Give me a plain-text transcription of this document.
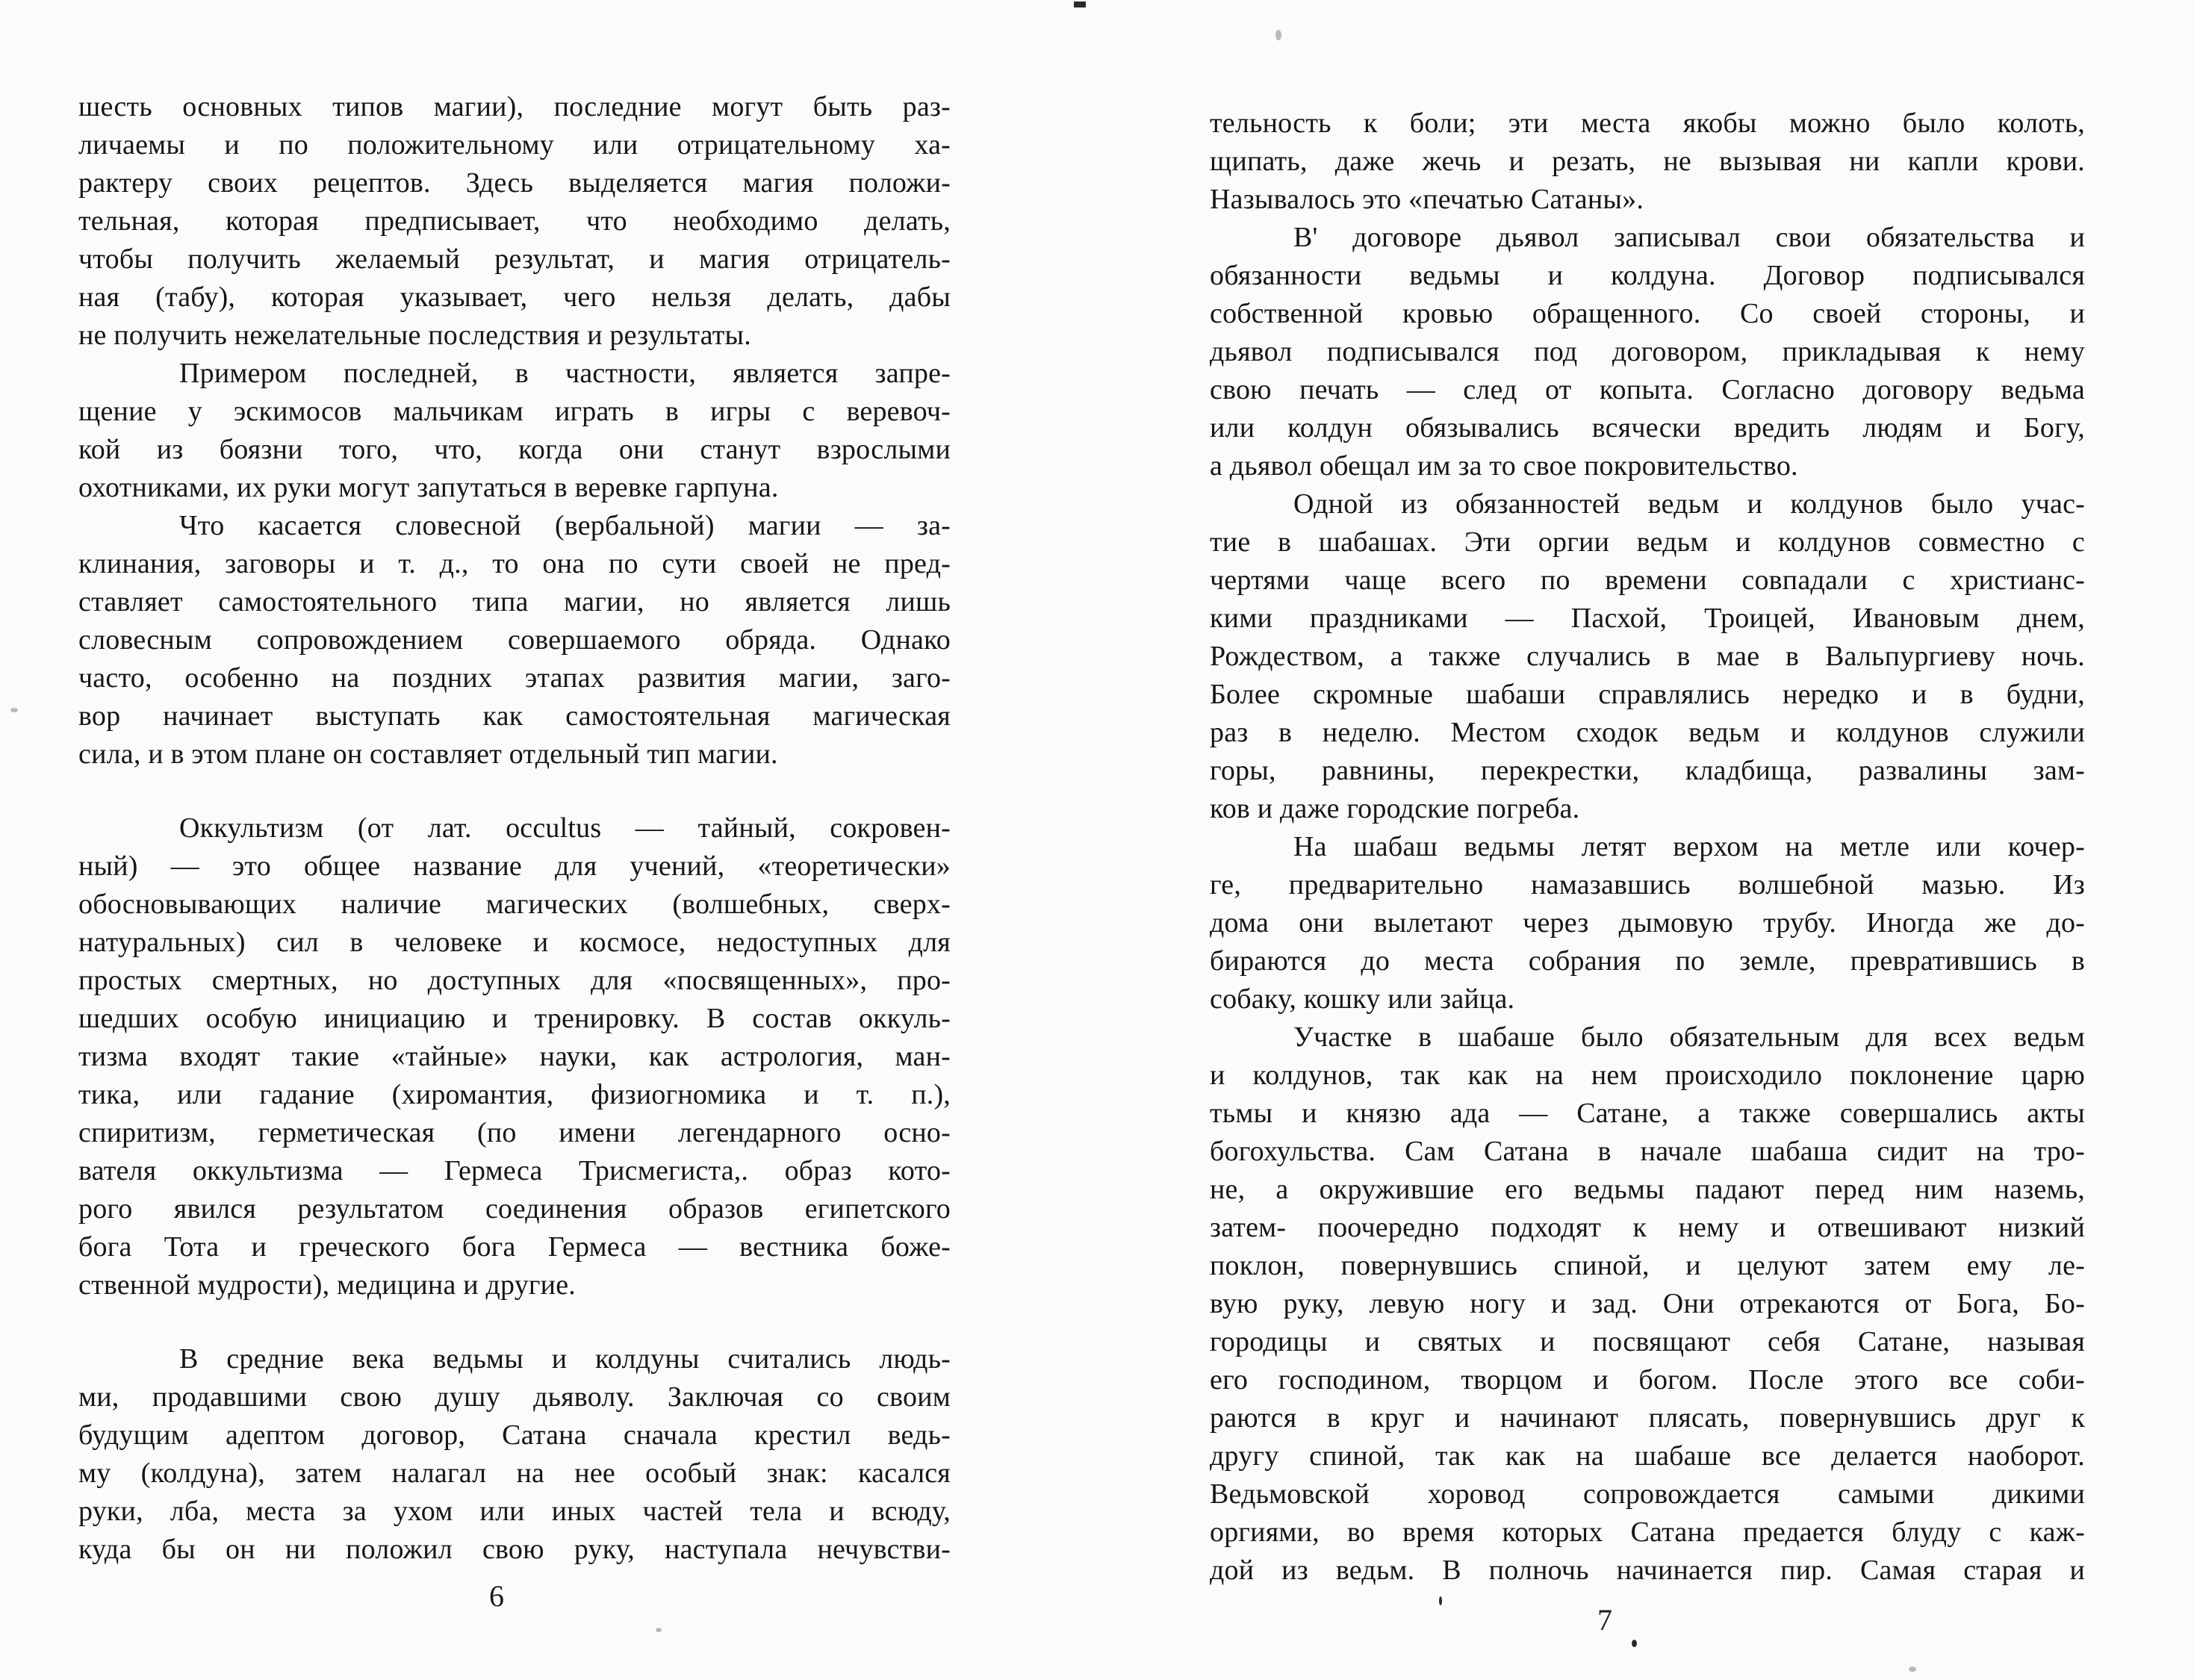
шесть основных типов магии), последние могут быть раз-
личаемы и по положительному или отрицательному ха-
рактеру своих рецептов. Здесь выделяется магия положи-
тельная, которая предписывает, что необходимо делать,
чтобы получить желаемый результат, и магия отрицатель-
ная (табу), которая указывает, чего нельзя делать, дабы
не получить нежелательные последствия и результаты.
Примером последней, в частности, является запре-
щение у эскимосов мальчикам играть в игры с веревоч-
кой из боязни того, что, когда они станут взрослыми
охотниками, их руки могут запутаться в веревке гарпуна.
Что касается словесной (вербальной) магии — за-
клинания, заговоры и т. д., то она по сути своей не пред-
ставляет самостоятельного типа магии, но является лишь
словесным сопровождением совершаемого обряда. Однако
часто, особенно на поздних этапах развития магии, заго-
вор начинает выступать как самостоятельная магическая
сила, и в этом плане он составляет отдельный тип магии.
Оккультизм (от лат. occultus — тайный, сокровен-
ный) — это общее название для учений, «теоретически»
обосновывающих наличие магических (волшебных, сверх-
натуральных) сил в человеке и космосе, недоступных для
простых смертных, но доступных для «посвященных», про-
шедших особую инициацию и тренировку. В состав оккуль-
тизма входят такие «тайные» науки, как астрология, ман-
тика, или гадание (хиромантия, физиогномика и т. п.),
спиритизм, герметическая (по имени легендарного осно-
вателя оккультизма — Гермеса Трисмегиста,. образ кото-
рого явился результатом соединения образов египетского
бога Тота и греческого бога Гермеса — вестника боже-
ственной мудрости), медицина и другие.
В средние века ведьмы и колдуны считались людь-
ми, продавшими свою душу дьяволу. Заключая со своим
будущим адептом договор, Сатана сначала крестил ведь-
му (колдуна), затем налагал на нее особый знак: касался
руки, лба, места за ухом или иных частей тела и всюду,
куда бы он ни положил свою руку, наступала нечувстви-
6
тельность к боли; эти места якобы можно было колоть,
щипать, даже жечь и резать, не вызывая ни капли крови.
Называлось это «печатью Сатаны».
В' договоре дьявол записывал свои обязательства и
обязанности ведьмы и колдуна. Договор подписывался
собственной кровью обращенного. Со своей стороны, и
дьявол подписывался под договором, прикладывая к нему
свою печать — след от копыта. Согласно договору ведьма
или колдун обязывались всячески вредить людям и Богу,
а дьявол обещал им за то свое покровительство.
Одной из обязанностей ведьм и колдунов было учас-
тие в шабашах. Эти оргии ведьм и колдунов совместно с
чертями чаще всего по времени совпадали с христианс-
кими праздниками — Пасхой, Троицей, Ивановым днем,
Рождеством, а также случались в мае в Вальпургиеву ночь.
Более скромные шабаши справлялись нередко и в будни,
раз в неделю. Местом сходок ведьм и колдунов служили
горы, равнины, перекрестки, кладбища, развалины зам-
ков и даже городские погреба.
На шабаш ведьмы летят верхом на метле или кочер-
ге, предварительно намазавшись волшебной мазью. Из
дома они вылетают через дымовую трубу. Иногда же до-
бираются до места собрания по земле, превратившись в
собаку, кошку или зайца.
Участке в шабаше было обязательным для всех ведьм
и колдунов, так как на нем происходило поклонение царю
тьмы и князю ада — Сатане, а также совершались акты
богохульства. Сам Сатана в начале шабаша сидит на тро-
не, а окружившие его ведьмы падают перед ним наземь,
затем- поочередно подходят к нему и отвешивают низкий
поклон, повернувшись спиной, и целуют затем ему ле-
вую руку, левую ногу и зад. Они отрекаются от Бога, Бо-
городицы и святых и посвящают себя Сатане, называя
его господином, творцом и богом. После этого все соби-
раются в круг и начинают плясать, повернувшись друг к
другу спиной, так как на шабаше все делается наоборот.
Ведьмовской хоровод сопровождается самыми дикими
оргиями, во время которых Сатана предается блуду с каж-
дой из ведьм. В полночь начинается пир. Самая старая и
7
